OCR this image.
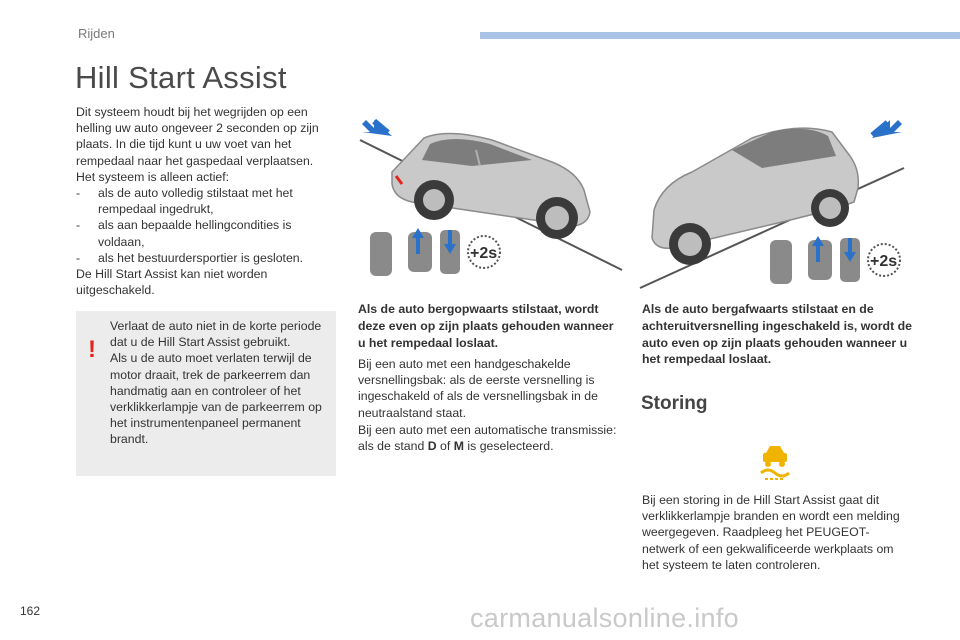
Rijden
Hill Start Assist

Dit systeem houdt bij het wegrijden op een helling uw auto ongeveer 2 seconden op zijn plaats. In die tijd kunt u uw voet van het rempedaal naar het gaspedaal verplaatsen.

Het systeem is alleen actief:

- als de auto volledig stilstaat met het rempedaal ingedrukt,

- als aan bepaalde hellingcondities is voldaan,

- als het bestuurdersportier is gesloten.

De Hill Start Assist kan niet worden uitgeschakeld.

!

Verlaat de auto niet in de korte periode dat u de Hill Start Assist gebruikt.

Als u de auto moet verlaten terwijl de motor draait, trek de parkeerrem dan handmatig aan en controleer of het verklikkerlampje van de parkeerrem op het instrumentenpaneel permanent brandt.

+2s	+2s
Als de auto bergopwaarts stilstaat, wordt deze even op zijn plaats gehouden wanneer u het rempedaal loslaat.

Bij een auto met een handgeschakelde versnellingsbak: als de eerste versnelling is ingeschakeld of als de versnellingsbak in de neutraalstand staat.

Bij een auto met een automatische transmissie: als de stand D of M is geselecteerd.

Als de auto bergafwaarts stilstaat en de achteruitversnelling ingeschakeld is, wordt de auto even op zijn plaats gehouden wanneer u het rempedaal loslaat.
Storing
Bij een storing in de Hill Start Assist gaat dit verklikkerlampje branden en wordt een melding weergegeven. Raadpleeg het PEUGEOT-netwerk of een gekwalificeerde werkplaats om het systeem te laten controleren.
162	carmanualsonline.info
